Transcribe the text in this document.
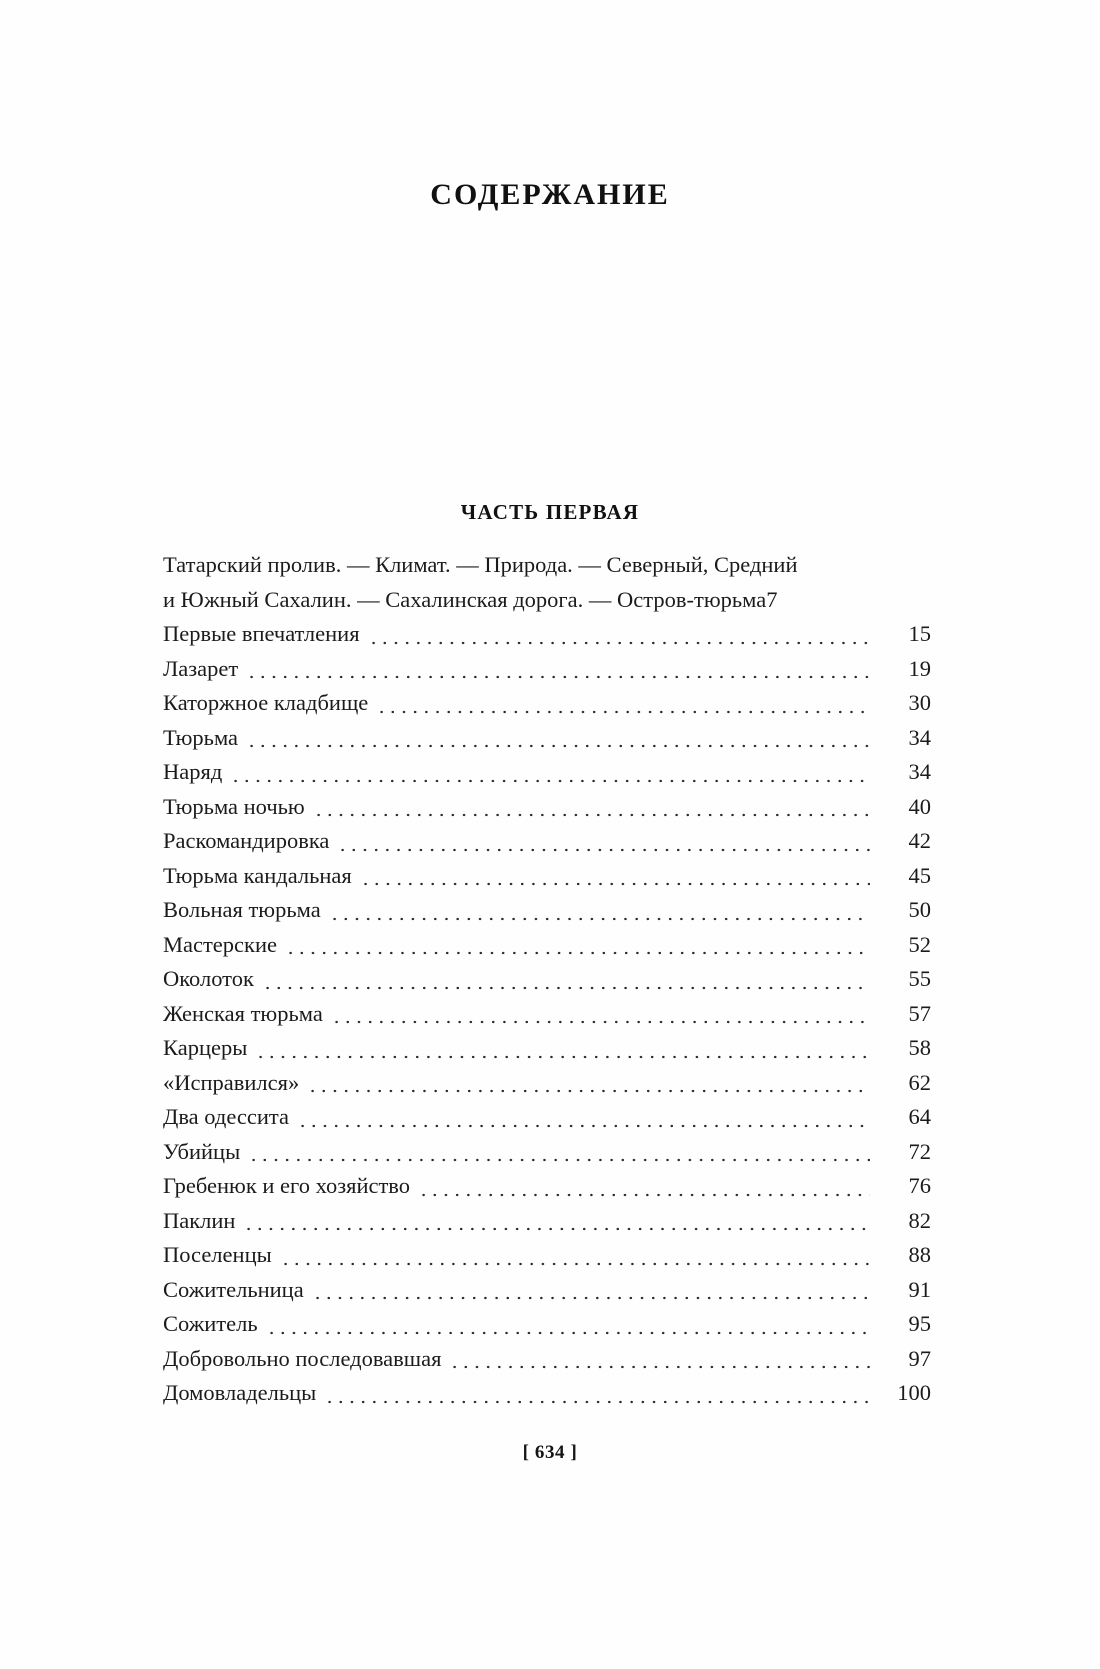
СОДЕРЖАНИЕ
ЧАСТЬ ПЕРВАЯ
Татарский пролив. — Климат. — Природа. — Северный, Средний
и Южный Сахалин. — Сахалинская дорога. — Остров-тюрьма 7
Первые впечатления	15
Лазарет	19
Каторжное кладбище	30
Тюрьма	34
Наряд	34
Тюрьма ночью	40
Раскомандировка	42
Тюрьма кандальная	45
Вольная тюрьма	50
Мастерские	52
Околоток	55
Женская тюрьма	57
Карцеры	58
«Исправился»	62
Два одессита	64
Убийцы	72
Гребенюк и его хозяйство	76
Паклин	82
Поселенцы	88
Сожительница	91
Сожитель	95
Добровольно последовавшая	97
Домовладельцы	100
[ 634 ]
